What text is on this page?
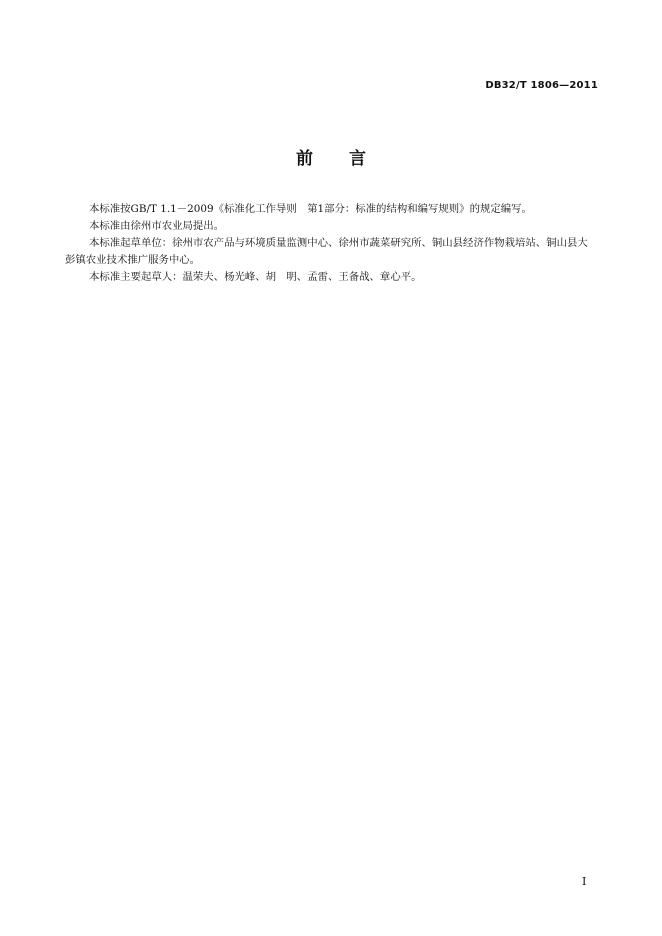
DB32/T 1806—2011
前言

本标准按GB/T 1.1－2009《标准化工作导则　第1部分：标准的结构和编写规则》的规定编写。

本标准由徐州市农业局提出。

本标准起草单位：徐州市农产品与环境质量监测中心、徐州市蔬菜研究所、铜山县经济作物栽培站、铜山县大彭镇农业技术推广服务中心。

本标准主要起草人：温荣夫、杨光峰、胡　明、孟雷、王备战、章心平。

I
